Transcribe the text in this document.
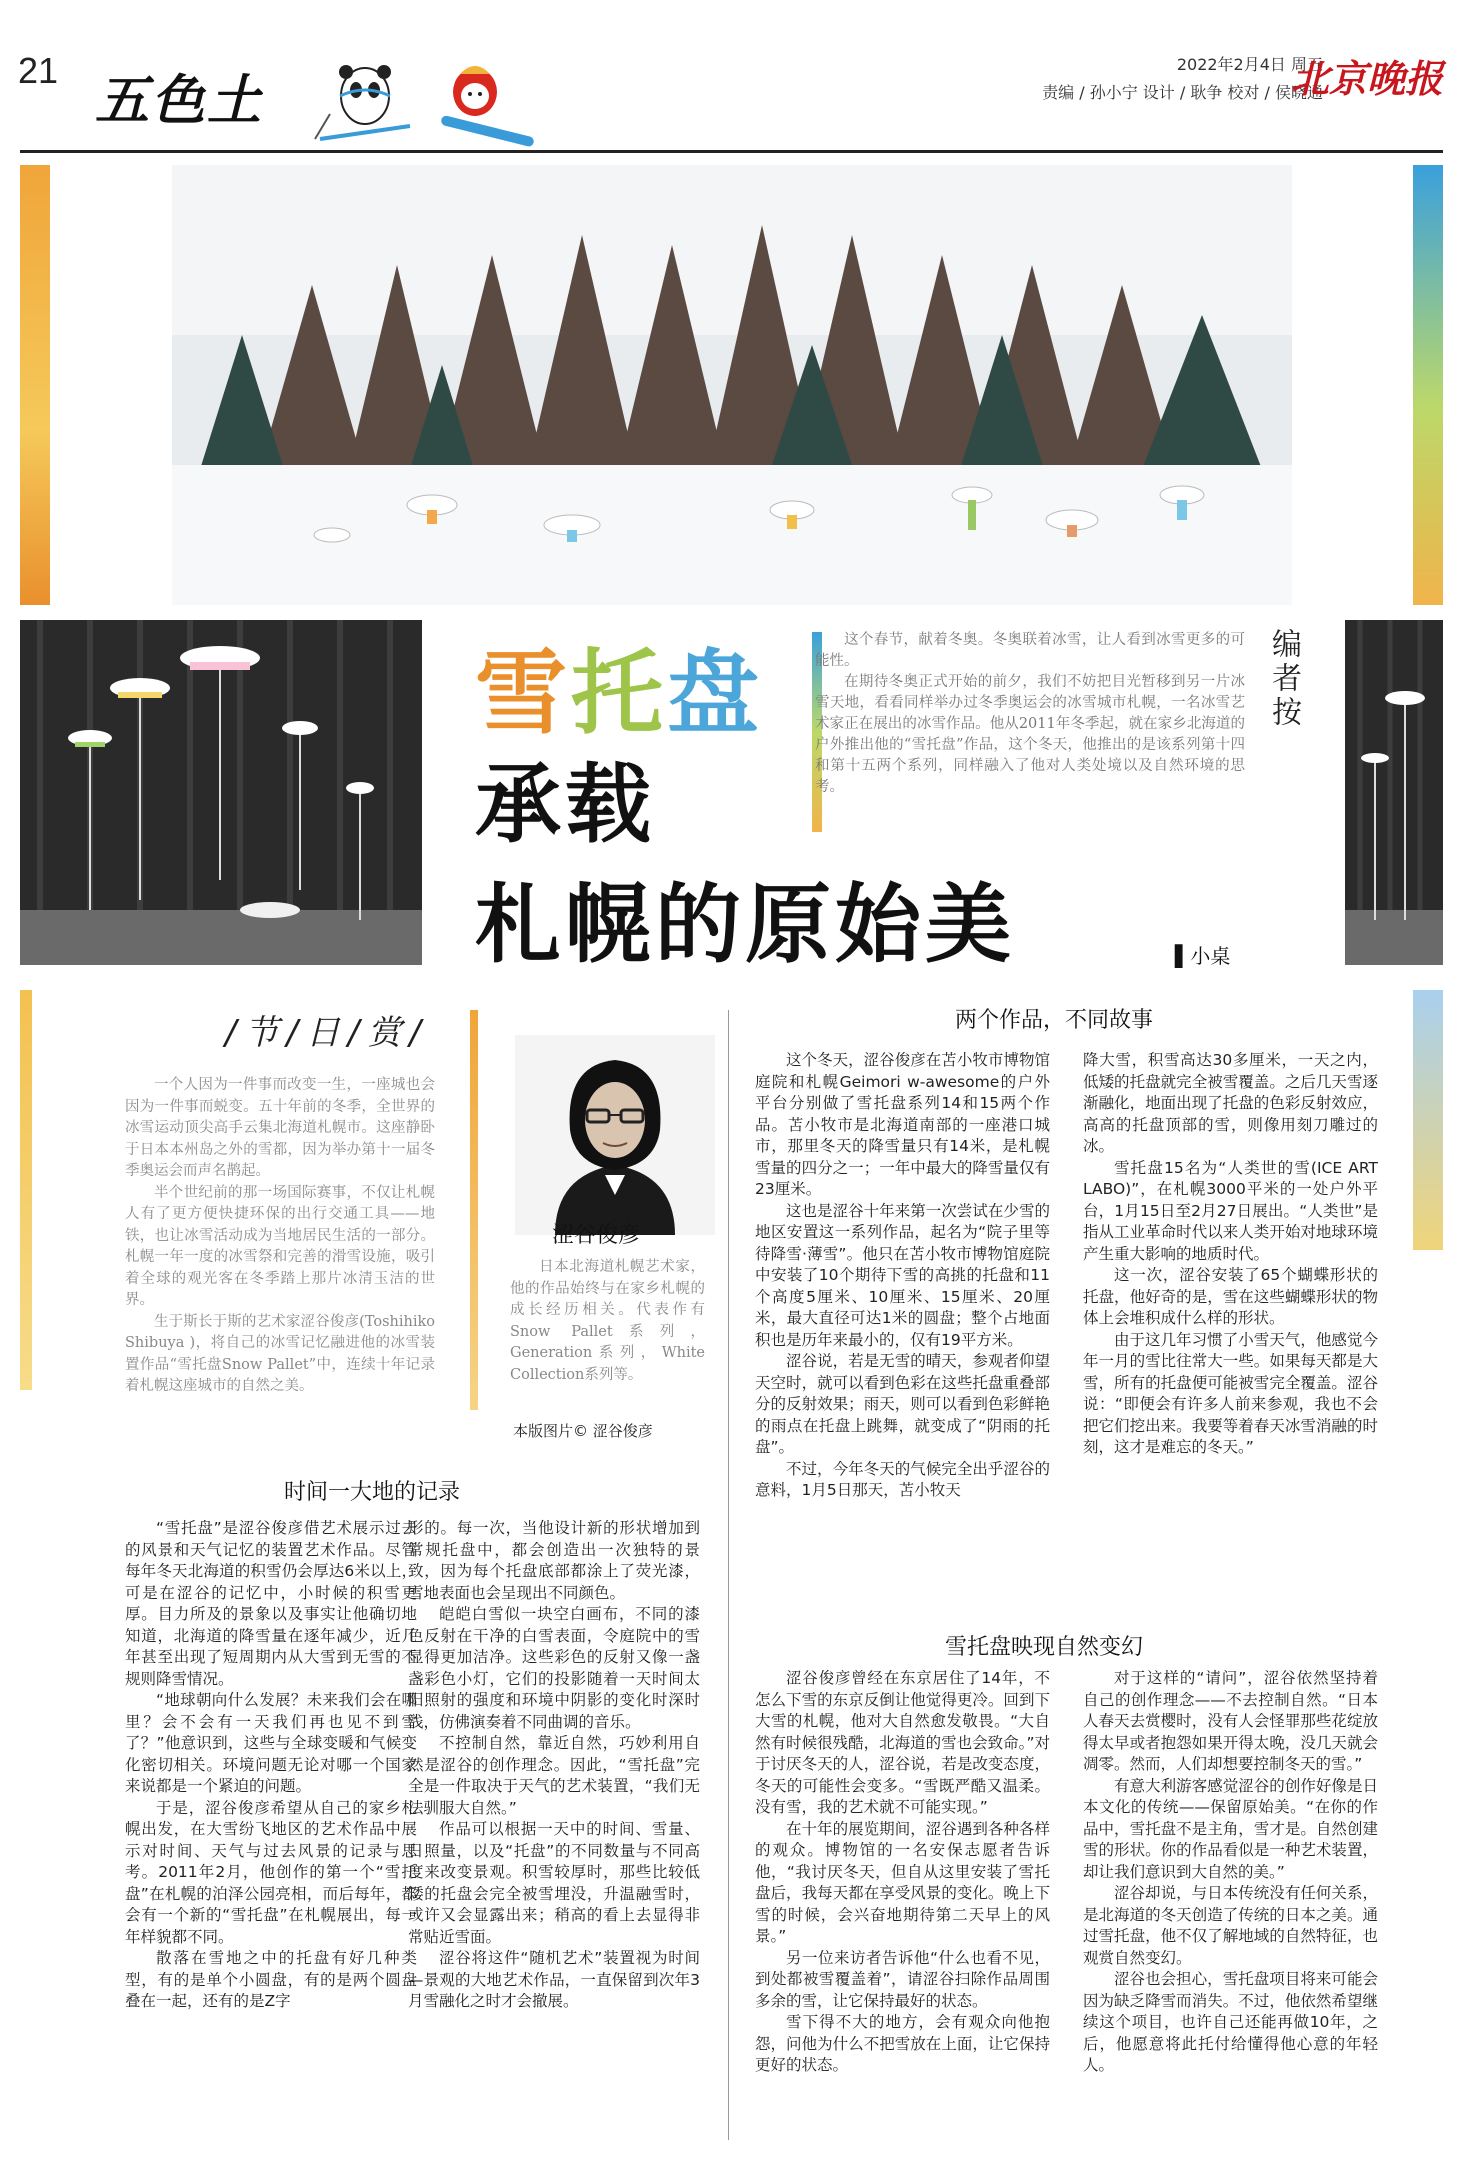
21 五色土
2022年2月4日 周五
责编 / 孙小宁 设计 / 耿争 校对 / 侯晓通
北京晚报
雪托盘
承载
札幌的原始美	▌小桌

这个春节，献着冬奥。冬奥联着冰雪，让人看到冰雪更多的可能性。

在期待冬奥正式开始的前夕，我们不妨把目光暂移到另一片冰雪天地，看看同样举办过冬季奥运会的冰雪城市札幌，一名冰雪艺术家正在展出的冰雪作品。他从2011年冬季起，就在家乡北海道的户外推出他的“雪托盘”作品，这个冬天，他推出的是该系列第十四和第十五两个系列，同样融入了他对人类处境以及自然环境的思考。

编者按
/节/日/赏/

一个人因为一件事而改变一生，一座城也会因为一件事而蜕变。五十年前的冬季，全世界的冰雪运动顶尖高手云集北海道札幌市。这座静卧于日本本州岛之外的雪都，因为举办第十一届冬季奥运会而声名鹊起。

半个世纪前的那一场国际赛事，不仅让札幌人有了更方便快捷环保的出行交通工具——地铁，也让冰雪活动成为当地居民生活的一部分。札幌一年一度的冰雪祭和完善的滑雪设施，吸引着全球的观光客在冬季踏上那片冰清玉洁的世界。

生于斯长于斯的艺术家涩谷俊彦(Toshihiko Shibuya )，将自己的冰雪记忆融进他的冰雪装置作品“雪托盘Snow Pallet”中，连续十年记录着札幌这座城市的自然之美。

涩谷俊彦
日本北海道札幌艺术家，他的作品始终与在家乡札幌的成长经历相关。代表作有Snow Pallet系列，Generation系列，White Collection系列等。
本版图片© 涩谷俊彦
时间一大地的记录

“雪托盘”是涩谷俊彦借艺术展示过去的风景和天气记忆的装置艺术作品。尽管每年冬天北海道的积雪仍会厚达6米以上，可是在涩谷的记忆中，小时候的积雪更厚。目力所及的景象以及事实让他确切地知道，北海道的降雪量在逐年减少，近几年甚至出现了短周期内从大雪到无雪的不规则降雪情况。

“地球朝向什么发展？未来我们会在哪里？会不会有一天我们再也见不到雪了？”他意识到，这些与全球变暖和气候变化密切相关。环境问题无论对哪一个国家来说都是一个紧迫的问题。

于是，涩谷俊彦希望从自己的家乡札幌出发，在大雪纷飞地区的艺术作品中展示对时间、天气与过去风景的记录与思考。2011年2月，他创作的第一个“雪托盘”在札幌的泊泽公园亮相，而后每年，都会有一个新的“雪托盘”在札幌展出，每一年样貌都不同。

散落在雪地之中的托盘有好几种类型，有的是单个小圆盘，有的是两个圆盘叠在一起，还有的是Z字

形的。每一次，当他设计新的形状增加到常规托盘中，都会创造出一次独特的景致，因为每个托盘底部都涂上了荧光漆，雪地表面也会呈现出不同颜色。

皑皑白雪似一块空白画布，不同的漆色反射在干净的白雪表面，令庭院中的雪显得更加洁净。这些彩色的反射又像一盏盏彩色小灯，它们的投影随着一天时间太阳照射的强度和环境中阴影的变化时深时浅，仿佛演奏着不同曲调的音乐。

不控制自然，靠近自然，巧妙利用自然是涩谷的创作理念。因此，“雪托盘”完全是一件取决于天气的艺术装置，“我们无法驯服大自然。”

作品可以根据一天中的时间、雪量、日照量，以及“托盘”的不同数量与不同高度来改变景观。积雪较厚时，那些比较低矮的托盘会完全被雪埋没，升温融雪时，或许又会显露出来；稍高的看上去显得非常贴近雪面。

涩谷将这件“随机艺术”装置视为时间—景观的大地艺术作品，一直保留到次年3月雪融化之时才会撤展。

两个作品，不同故事

这个冬天，涩谷俊彦在苫小牧市博物馆庭院和札幌Geimori w-awesome的户外平台分别做了雪托盘系列14和15两个作品。苫小牧市是北海道南部的一座港口城市，那里冬天的降雪量只有14米，是札幌雪量的四分之一；一年中最大的降雪量仅有23厘米。

这也是涩谷十年来第一次尝试在少雪的地区安置这一系列作品，起名为“院子里等待降雪·薄雪”。他只在苫小牧市博物馆庭院中安装了10个期待下雪的高挑的托盘和11个高度5厘米、10厘米、15厘米、20厘米，最大直径可达1米的圆盘；整个占地面积也是历年来最小的，仅有19平方米。

涩谷说，若是无雪的晴天，参观者仰望天空时，就可以看到色彩在这些托盘重叠部分的反射效果；雨天，则可以看到色彩鲜艳的雨点在托盘上跳舞，就变成了“阴雨的托盘”。

不过，今年冬天的气候完全出乎涩谷的意料，1月5日那天，苫小牧天

降大雪，积雪高达30多厘米，一天之内，低矮的托盘就完全被雪覆盖。之后几天雪逐渐融化，地面出现了托盘的色彩反射效应，高高的托盘顶部的雪，则像用刻刀雕过的冰。

雪托盘15名为“人类世的雪(ICE ART LABO)”，在札幌3000平米的一处户外平台，1月15日至2月27日展出。“人类世”是指从工业革命时代以来人类开始对地球环境产生重大影响的地质时代。

这一次，涩谷安装了65个蝴蝶形状的托盘，他好奇的是，雪在这些蝴蝶形状的物体上会堆积成什么样的形状。

由于这几年习惯了小雪天气，他感觉今年一月的雪比往常大一些。如果每天都是大雪，所有的托盘便可能被雪完全覆盖。涩谷说：“即便会有许多人前来参观，我也不会把它们挖出来。我要等着春天冰雪消融的时刻，这才是难忘的冬天。”

雪托盘映现自然变幻

涩谷俊彦曾经在东京居住了14年，不怎么下雪的东京反倒让他觉得更冷。回到下大雪的札幌，他对大自然愈发敬畏。“大自然有时候很残酷，北海道的雪也会致命。”对于讨厌冬天的人，涩谷说，若是改变态度，冬天的可能性会变多。“雪既严酷又温柔。没有雪，我的艺术就不可能实现。”

在十年的展览期间，涩谷遇到各种各样的观众。博物馆的一名安保志愿者告诉他，“我讨厌冬天，但自从这里安装了雪托盘后，我每天都在享受风景的变化。晚上下雪的时候，会兴奋地期待第二天早上的风景。”

另一位来访者告诉他“什么也看不见，到处都被雪覆盖着”，请涩谷扫除作品周围多余的雪，让它保持最好的状态。

雪下得不大的地方，会有观众向他抱怨，问他为什么不把雪放在上面，让它保持更好的状态。

对于这样的“请问”，涩谷依然坚持着自己的创作理念——不去控制自然。“日本人春天去赏樱时，没有人会怪罪那些花绽放得太早或者抱怨如果开得太晚，没几天就会凋零。然而，人们却想要控制冬天的雪。”

有意大利游客感觉涩谷的创作好像是日本文化的传统——保留原始美。“在你的作品中，雪托盘不是主角，雪才是。自然创建雪的形状。你的作品看似是一种艺术装置，却让我们意识到大自然的美。”

涩谷却说，与日本传统没有任何关系，是北海道的冬天创造了传统的日本之美。通过雪托盘，他不仅了解地域的自然特征，也观赏自然变幻。

涩谷也会担心，雪托盘项目将来可能会因为缺乏降雪而消失。不过，他依然希望继续这个项目，也许自己还能再做10年，之后，他愿意将此托付给懂得他心意的年轻人。
